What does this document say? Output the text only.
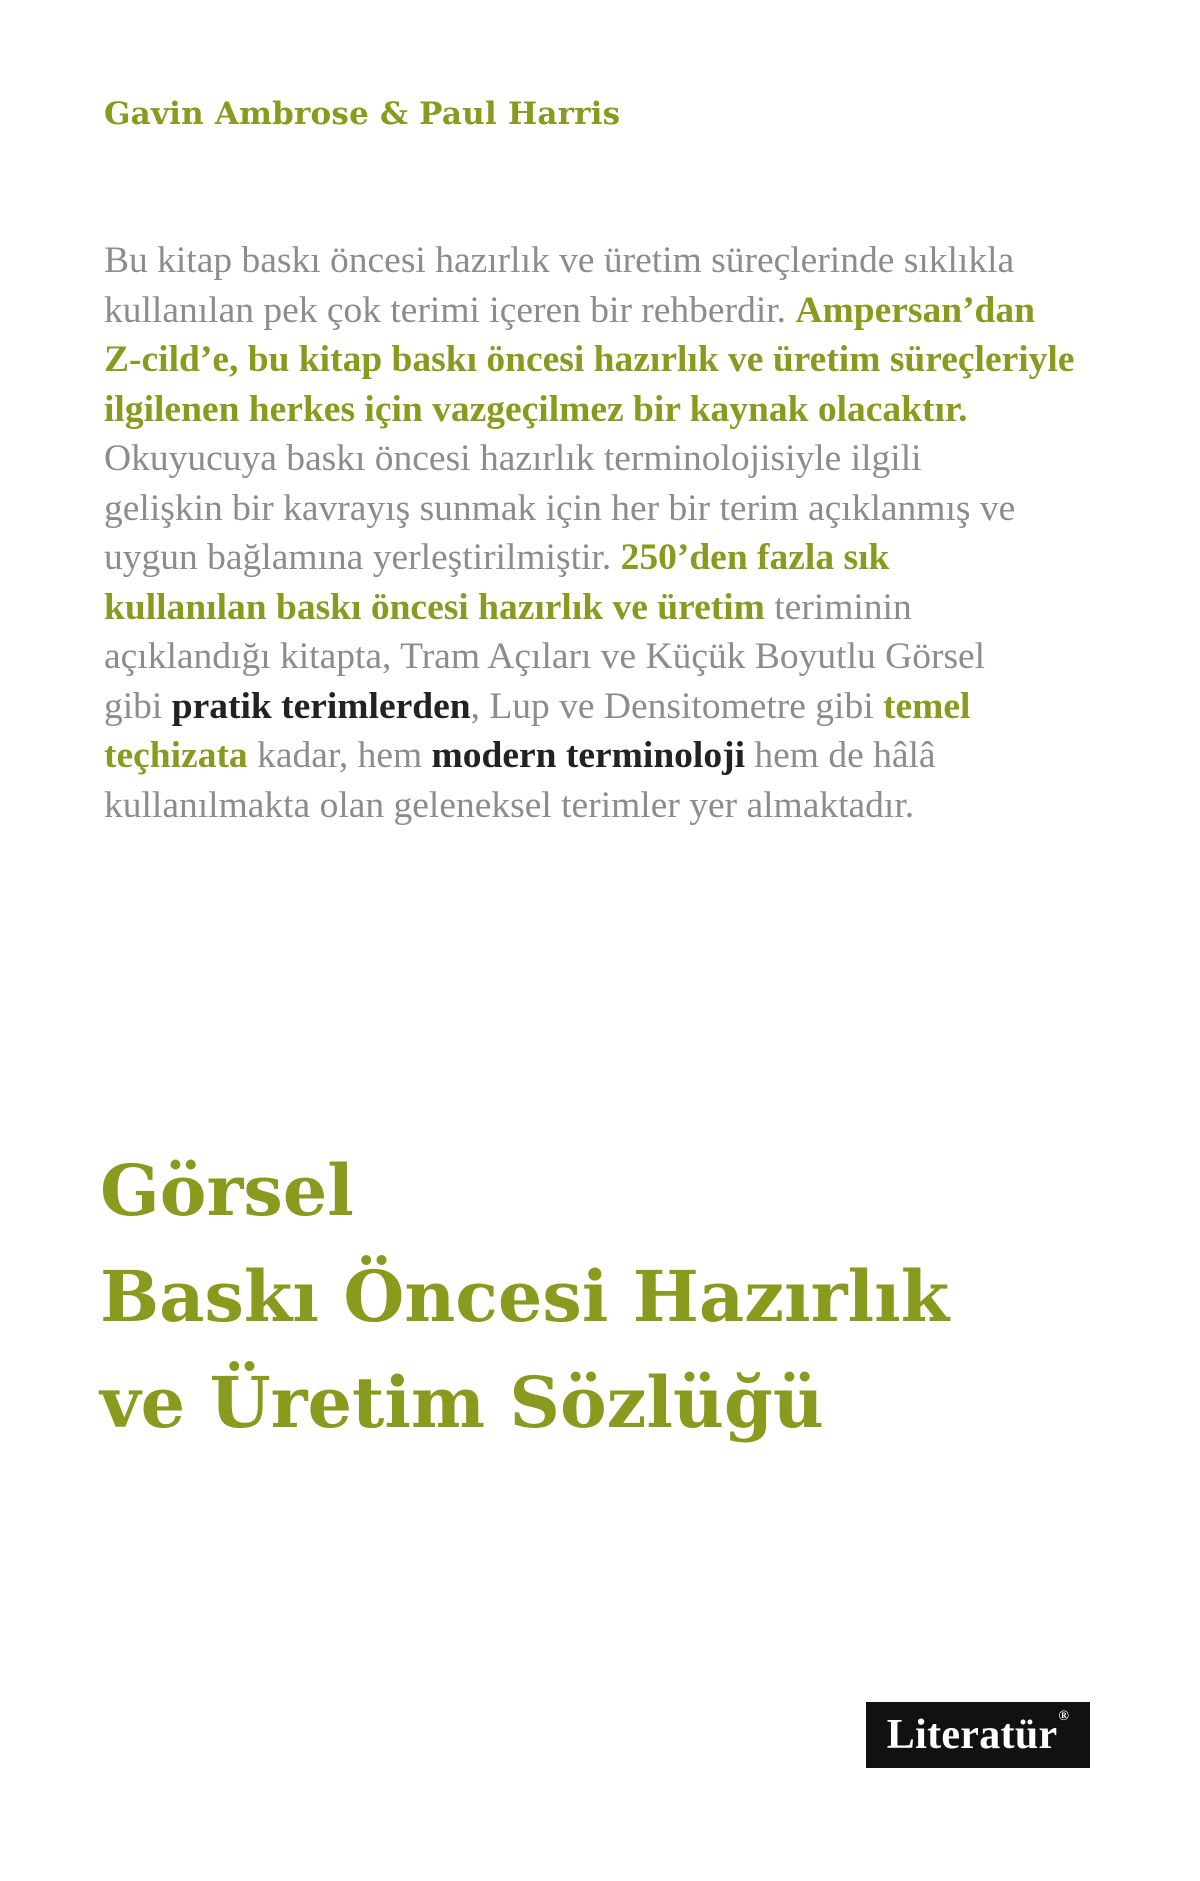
Gavin Ambrose & Paul Harris
Bu kitap baskı öncesi hazırlık ve üretim süreçlerinde sıklıkla
kullanılan pek çok terimi içeren bir rehberdir. Ampersan’dan
Z-cild’e, bu kitap baskı öncesi hazırlık ve üretim süreçleriyle
ilgilenen herkes için vazgeçilmez bir kaynak olacaktır.
Okuyucuya baskı öncesi hazırlık terminolojisiyle ilgili
gelişkin bir kavrayış sunmak için her bir terim açıklanmış ve
uygun bağlamına yerleştirilmiştir. 250’den fazla sık
kullanılan baskı öncesi hazırlık ve üretim teriminin
açıklandığı kitapta, Tram Açıları ve Küçük Boyutlu Görsel
gibi pratik terimlerden, Lup ve Densitometre gibi temel
teçhizata kadar, hem modern terminoloji hem de hâlâ
kullanılmakta olan geleneksel terimler yer almaktadır.
Görsel
Baskı Öncesi Hazırlık
ve Üretim Sözlüğü
Literatür®
